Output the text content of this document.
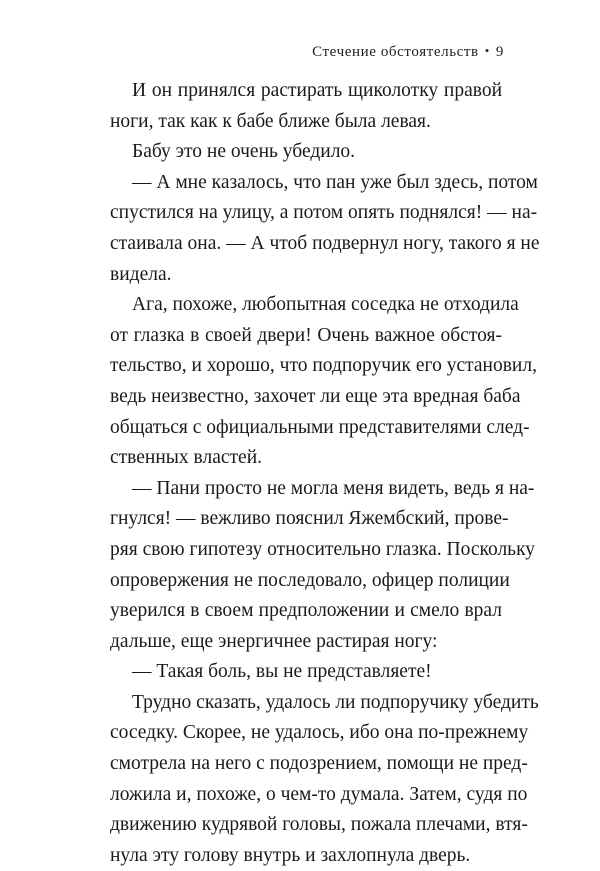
Стечение обстоятельств • 9
И он принялся растирать щиколотку правой
ноги, так как к бабе ближе была левая.
Бабу это не очень убедило.
— А мне казалось, что пан уже был здесь, потом
спустился на улицу, а потом опять поднялся! — на-
стаивала она. — А чтоб подвернул ногу, такого я не
видела.
Ага, похоже, любопытная соседка не отходила
от глазка в своей двери! Очень важное обстоя-
тельство, и хорошо, что подпоручик его установил,
ведь неизвестно, захочет ли еще эта вредная баба
общаться с официальными представителями след-
ственных властей.
— Пани просто не могла меня видеть, ведь я на-
гнулся! — вежливо пояснил Яжембский, прове-
ряя свою гипотезу относительно глазка. Поскольку
опровержения не последовало, офицер полиции
уверился в своем предположении и смело врал
дальше, еще энергичнее растирая ногу:
— Такая боль, вы не представляете!
Трудно сказать, удалось ли подпоручику убедить
соседку. Скорее, не удалось, ибо она по-прежнему
смотрела на него с подозрением, помощи не пред-
ложила и, похоже, о чем-то думала. Затем, судя по
движению кудрявой головы, пожала плечами, втя-
нула эту голову внутрь и захлопнула дверь.
